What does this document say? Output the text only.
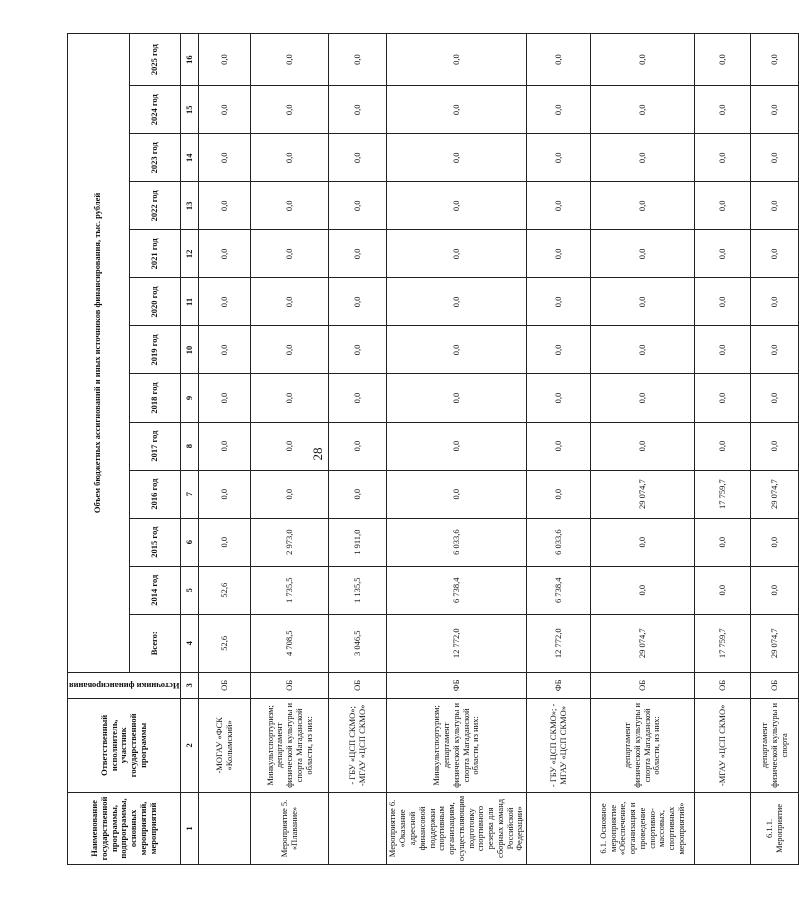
28
Наименование государственной программы, подпрограммы, основных мероприятий, мероприятий	Ответственный исполнитель, участник государственной программы	Источники финансирования	Объем бюджетных ассигнований и иных источников финансирования, тыс. рублей												
			Всего:	2014 год	2015 год	2016 год	2017 год	2018 год	2019 год	2020 год	2021 год	2022 год	2023 год	2024 год	2025 год
1	2	3	4	5	6	7	8	9	10	11	12	13	14	15	16
	-МОГАУ «ФСК «Колымский»	ОБ	52,6	52,6	0,0	0,0	0,0	0,0	0,0	0,0	0,0	0,0	0,0	0,0	0,0
Мероприятие 5. «Плавание»	Минкультспортуризм; департамент физической культуры и спорта Магаданской области, из них:	ОБ	4 708,5	1 735,5	2 973,0	0,0	0,0	0,0	0,0	0,0	0,0	0,0	0,0	0,0	0,0
	- ГБУ «ЦСП СКМО»; -МГАУ «ЦСП СКМО»	ОБ	3 046,5	1 135,5	1 911,0	0,0	0,0	0,0	0,0	0,0	0,0	0,0	0,0	0,0	0,0
Мероприятие 6. «Оказание адресной финансовой поддержки спортивным организациям, осуществляющим подготовку спортивного резерва для сборных команд Российской Федерации»	Минкультспортуризм; департамент физической культуры и спорта Магаданской области, из них:	ФБ	12 772,0	6 738,4	6 033,6	0,0	0,0	0,0	0,0	0,0	0,0	0,0	0,0	0,0	0,0
	- ГБУ «ЦСП СКМО»; - МГАУ «ЦСП СКМО»	ФБ	12 772,0	6 738,4	6 033,6	0,0	0,0	0,0	0,0	0,0	0,0	0,0	0,0	0,0	0,0
6.1. Основное мероприятие «Обеспечение, организация и проведение спортивно-массовых, спортивных мероприятий»	департамент физической культуры и спорта Магаданской области, из них:	ОБ	29 074,7	0,0	0,0	29 074,7	0,0	0,0	0,0	0,0	0,0	0,0	0,0	0,0	0,0
	-МГАУ «ЦСП СКМО»	ОБ	17 759,7	0,0	0,0	17 759,7	0,0	0,0	0,0	0,0	0,0	0,0	0,0	0,0	0,0
6.1.1. Мероприятие	департамент физической культуры и спорта	ОБ	29 074,7	0,0	0,0	29 074,7	0,0	0,0	0,0	0,0	0,0	0,0	0,0	0,0	0,0
